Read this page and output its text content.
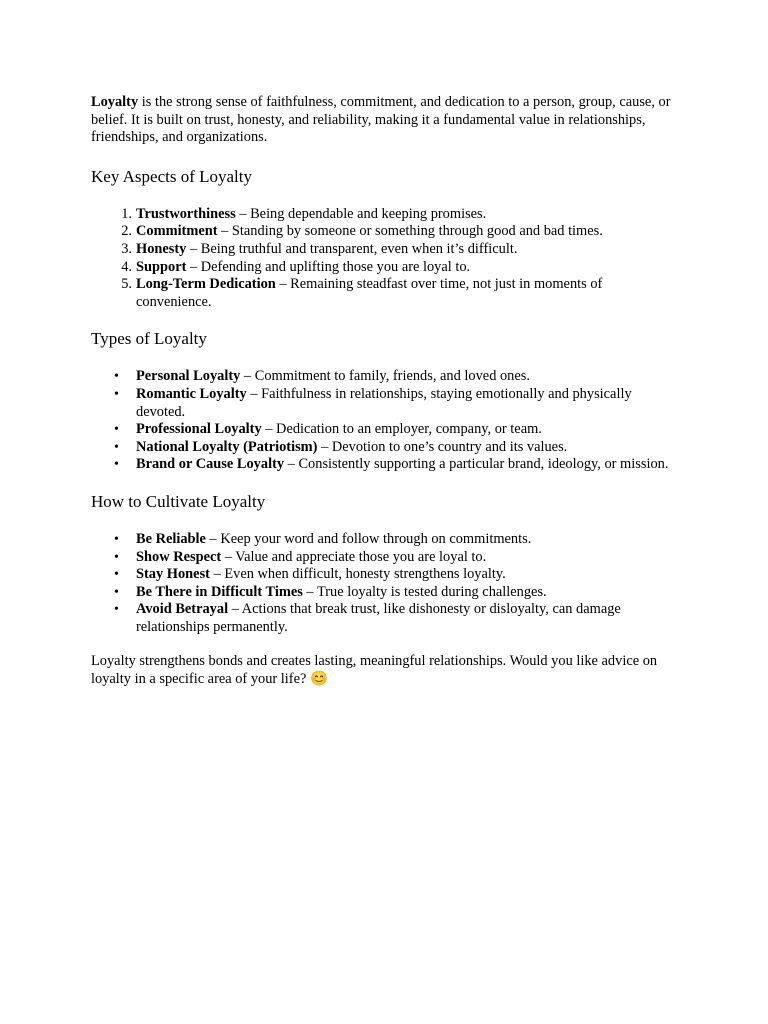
Loyalty is the strong sense of faithfulness, commitment, and dedication to a person, group, cause, or belief. It is built on trust, honesty, and reliability, making it a fundamental value in relationships, friendships, and organizations.

Key Aspects of Loyalty
1. Trustworthiness – Being dependable and keeping promises.
2. Commitment – Standing by someone or something through good and bad times.
3. Honesty – Being truthful and transparent, even when it’s difficult.
4. Support – Defending and uplifting those you are loyal to.
5. Long-Term Dedication – Remaining steadfast over time, not just in moments of convenience.
Types of Loyalty
• Personal Loyalty – Commitment to family, friends, and loved ones.
• Romantic Loyalty – Faithfulness in relationships, staying emotionally and physically devoted.
• Professional Loyalty – Dedication to an employer, company, or team.
• National Loyalty (Patriotism) – Devotion to one’s country and its values.
• Brand or Cause Loyalty – Consistently supporting a particular brand, ideology, or mission.
How to Cultivate Loyalty
• Be Reliable – Keep your word and follow through on commitments.
• Show Respect – Value and appreciate those you are loyal to.
• Stay Honest – Even when difficult, honesty strengthens loyalty.
• Be There in Difficult Times – True loyalty is tested during challenges.
• Avoid Betrayal – Actions that break trust, like dishonesty or disloyalty, can damage relationships permanently.

Loyalty strengthens bonds and creates lasting, meaningful relationships. Would you like advice on loyalty in a specific area of your life? 😊
